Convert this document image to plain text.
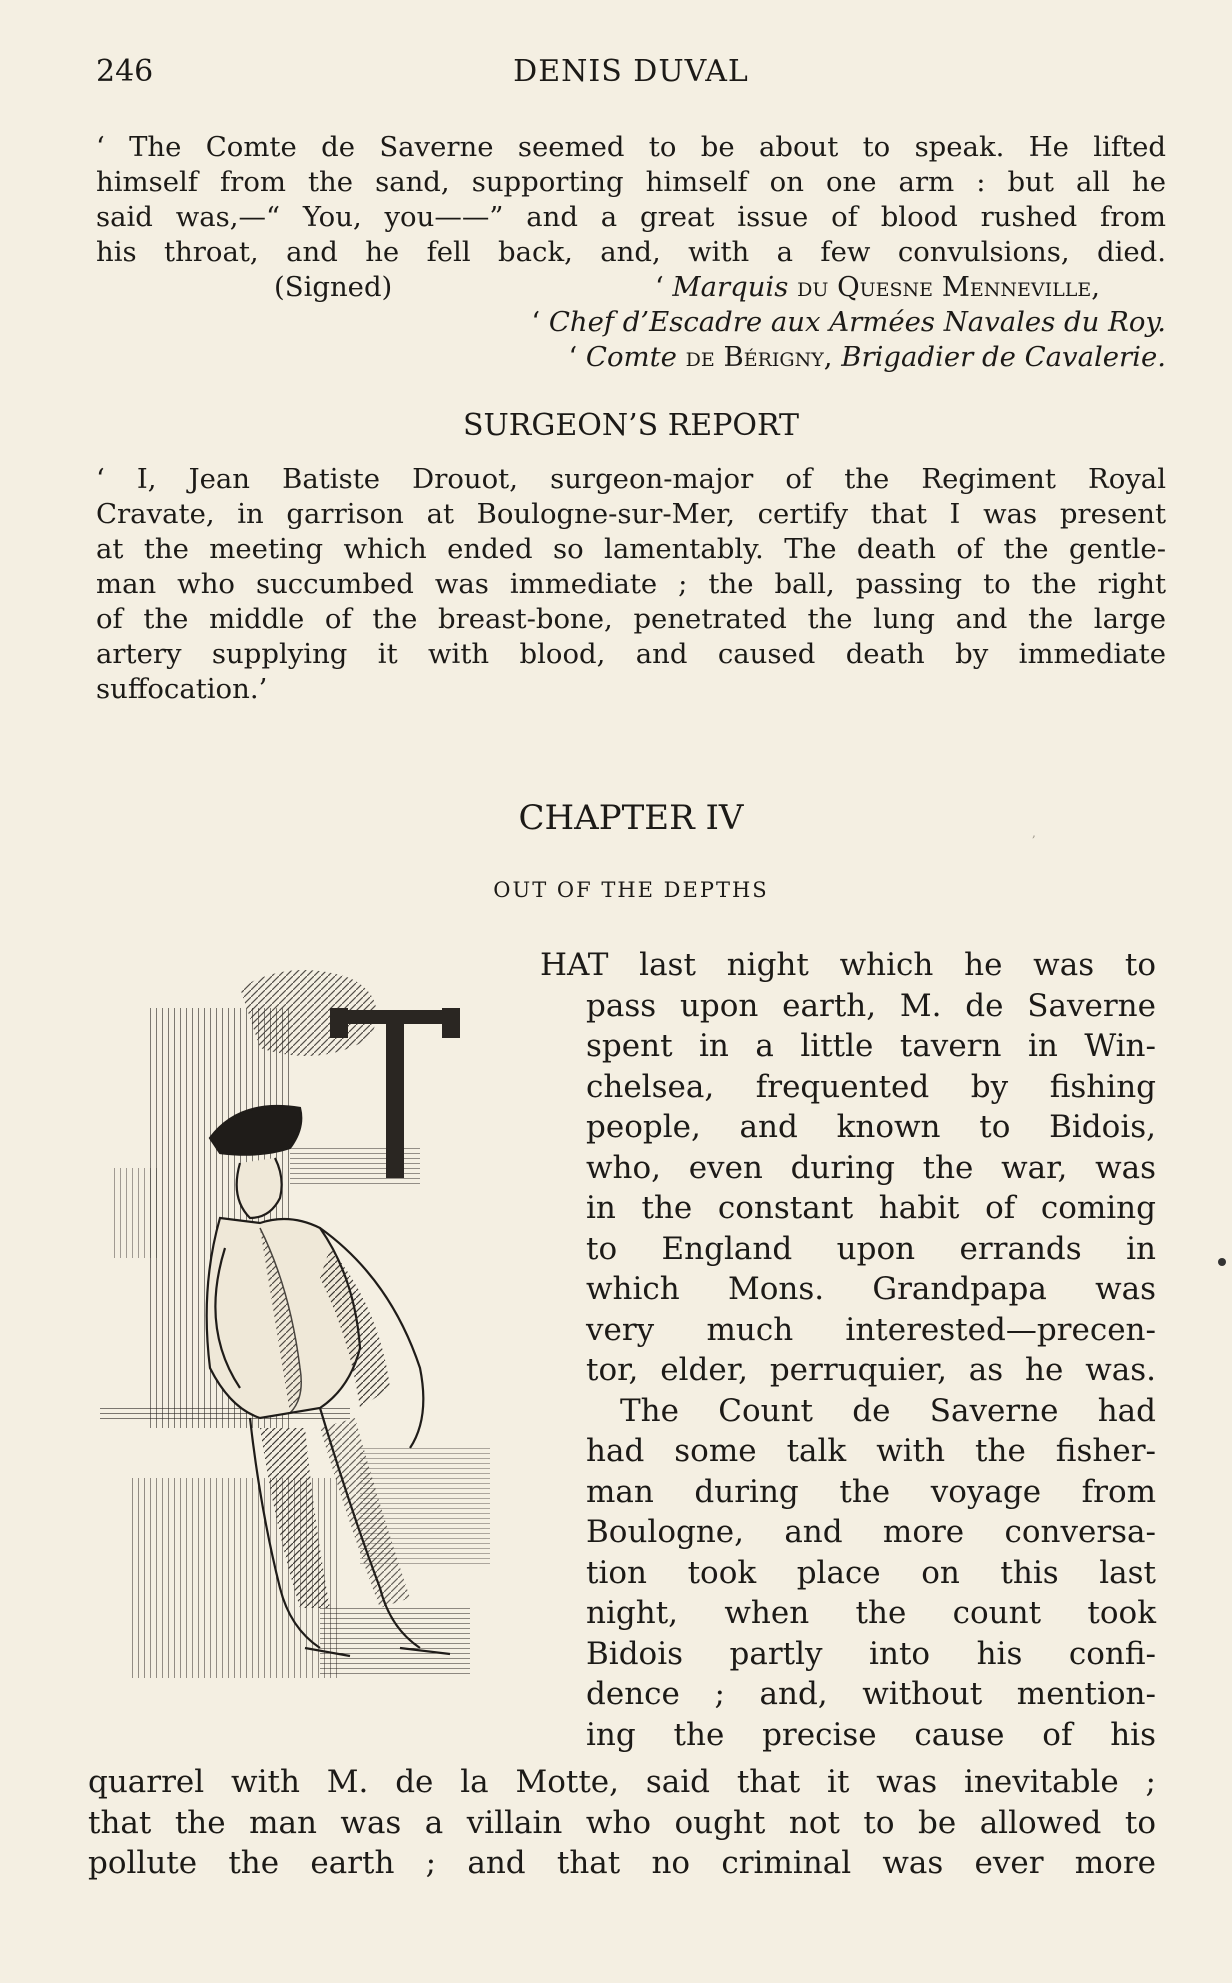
246	DENIS DUVAL
‘ The Comte de Saverne seemed to be about to speak. He lifted
himself from the sand, supporting himself on one arm : but all he
said was,—“ You, you——” and a great issue of blood rushed from
his throat, and he fell back, and, with a few convulsions, died.
(Signed)	‘ Marquis du Quesne Menneville,
‘ Chef d’Escadre aux Armées Navales du Roy.
‘ Comte de Bérigny, Brigadier de Cavalerie.
SURGEON’S REPORT
‘ I, Jean Batiste Drouot, surgeon-major of the Regiment Royal
Cravate, in garrison at Boulogne-sur-Mer, certify that I was present
at the meeting which ended so lamentably. The death of the gentle-
man who succumbed was immediate ; the ball, passing to the right
of the middle of the breast-bone, penetrated the lung and the large
artery supplying it with blood, and caused death by immediate
suffocation.’
CHAPTER IV
OUT OF THE DEPTHS
,
T	HAT last night which he was to
pass upon earth, M. de Saverne
spent in a little tavern in Win-
chelsea, frequented by fishing
people, and known to Bidois,
who, even during the war, was
in the constant habit of coming
to England upon errands in
which Mons. Grandpapa was
very much interested—precen-
tor, elder, perruquier, as he was.
The Count de Saverne had
had some talk with the fisher-
man during the voyage from
Boulogne, and more conversa-
tion took place on this last
night, when the count took
Bidois partly into his confi-
dence ; and, without mention-
ing the precise cause of his
quarrel with M. de la Motte, said that it was inevitable ;
that the man was a villain who ought not to be allowed to
pollute the earth ; and that no criminal was ever more
